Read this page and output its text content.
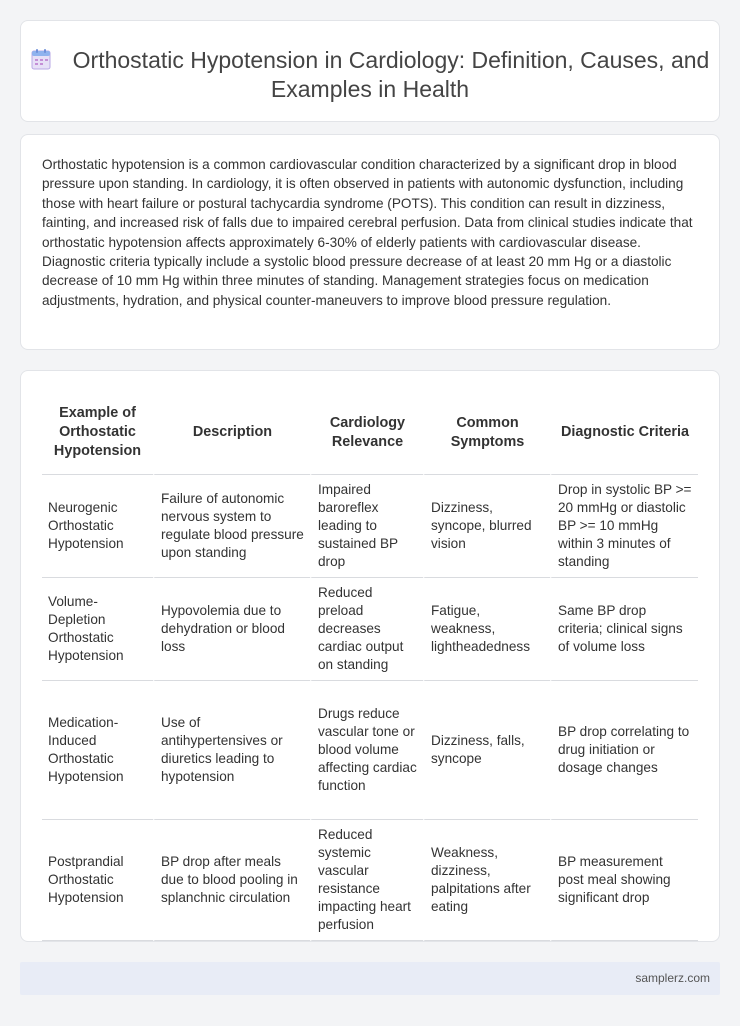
Orthostatic Hypotension in Cardiology: Definition, Causes, and Examples in Health

Orthostatic hypotension is a common cardiovascular condition characterized by a significant drop in blood pressure upon standing. In cardiology, it is often observed in patients with autonomic dysfunction, including those with heart failure or postural tachycardia syndrome (POTS). This condition can result in dizziness, fainting, and increased risk of falls due to impaired cerebral perfusion. Data from clinical studies indicate that orthostatic hypotension affects approximately 6-30% of elderly patients with cardiovascular disease. Diagnostic criteria typically include a systolic blood pressure decrease of at least 20 mm Hg or a diastolic decrease of 10 mm Hg within three minutes of standing. Management strategies focus on medication adjustments, hydration, and physical counter-maneuvers to improve blood pressure regulation.

Example of Orthostatic Hypotension	Description	Cardiology Relevance	Common Symptoms	Diagnostic Criteria
Neurogenic Orthostatic Hypotension	Failure of autonomic nervous system to regulate blood pressure upon standing	Impaired baroreflex leading to sustained BP drop	Dizziness, syncope, blurred vision	Drop in systolic BP >= 20 mmHg or diastolic BP >= 10 mmHg within 3 minutes of standing
Volume-Depletion Orthostatic Hypotension	Hypovolemia due to dehydration or blood loss	Reduced preload decreases cardiac output on standing	Fatigue, weakness, lightheadedness	Same BP drop criteria; clinical signs of volume loss
Medication-Induced Orthostatic Hypotension	Use of antihypertensives or diuretics leading to hypotension	Drugs reduce vascular tone or blood volume affecting cardiac function	Dizziness, falls, syncope	BP drop correlating to drug initiation or dosage changes
Postprandial Orthostatic Hypotension	BP drop after meals due to blood pooling in splanchnic circulation	Reduced systemic vascular resistance impacting heart perfusion	Weakness, dizziness, palpitations after eating	BP measurement post meal showing significant drop
samplerz.com
